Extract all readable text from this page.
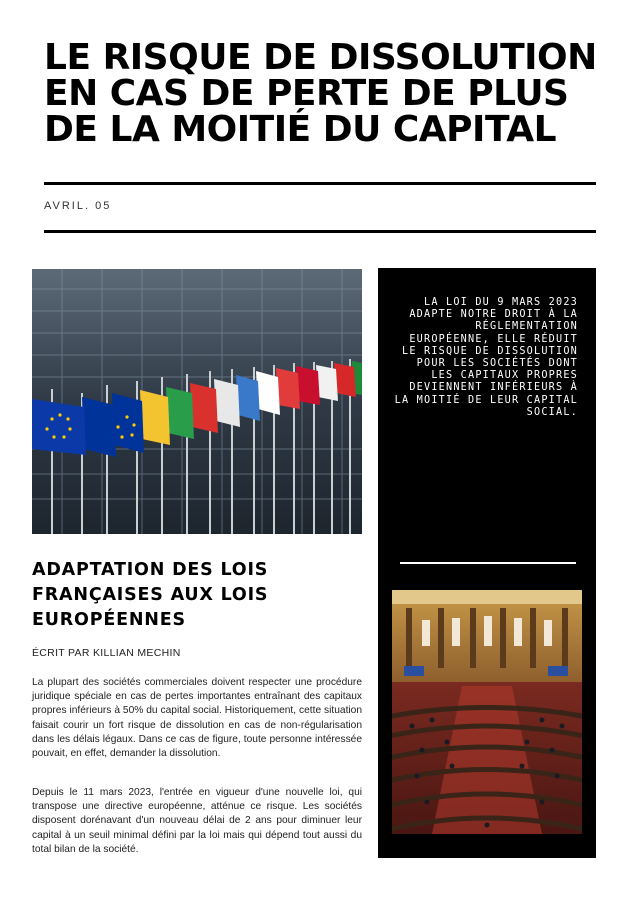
LE RISQUE DE DISSOLUTION EN CAS DE PERTE DE PLUS DE LA MOITIÉ DU CAPITAL
AVRIL. 05

LA LOI DU 9 MARS 2023 ADAPTE NOTRE DROIT À LA RÉGLEMENTATION EUROPÉENNE, ELLE RÉDUIT LE RISQUE DE DISSOLUTION POUR LES SOCIÉTÉS DONT LES CAPITAUX PROPRES DEVIENNENT INFÉRIEURS À LA MOITIÉ DE LEUR CAPITAL SOCIAL.

ADAPTATION DES LOIS FRANÇAISES AUX LOIS EUROPÉENNES
ÉCRIT PAR KILLIAN MECHIN

La plupart des sociétés commerciales doivent respecter une procédure juridique spéciale en cas de pertes importantes entraînant des capitaux propres inférieurs à 50% du capital social. Historiquement, cette situation faisait courir un fort risque de dissolution en cas de non-régularisation dans les délais légaux. Dans ce cas de figure, toute personne intéressée pouvait, en effet, demander la dissolution.

Depuis le 11 mars 2023, l'entrée en vigueur d'une nouvelle loi, qui transpose une directive européenne, atténue ce risque. Les sociétés disposent dorénavant d'un nouveau délai de 2 ans pour diminuer leur capital à un seuil minimal défini par la loi mais qui dépend tout aussi du total bilan de la société.
